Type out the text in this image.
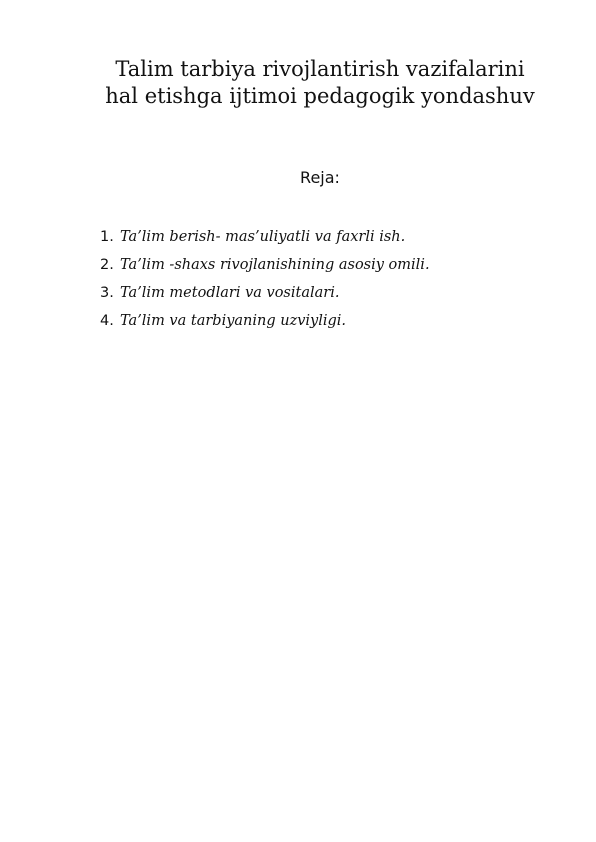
Talim tarbiya rivojlantirish vazifalarini
hal etishga ijtimoi pedagogik yondashuv

Reja:

1. Ta’lim berish- mas’uliyatli va faxrli ish.
2. Ta’lim -shaxs rivojlanishining asosiy omili.
3. Ta’lim metodlari va vositalari.
4. Ta’lim va tarbiyaning uzviyligi.
